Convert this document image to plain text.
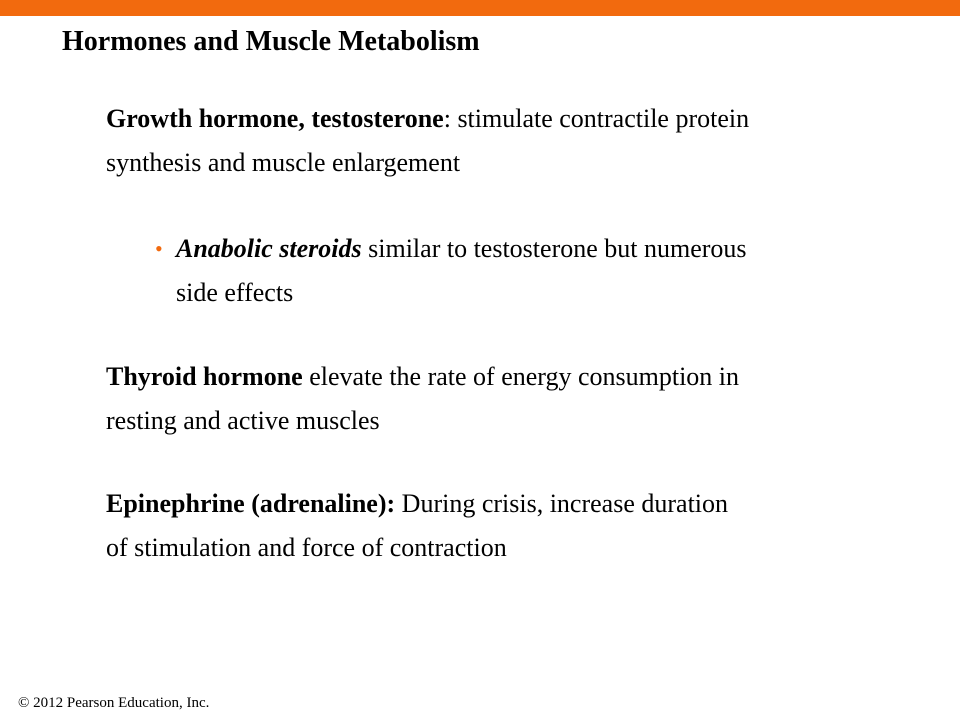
Hormones and Muscle Metabolism
Growth hormone, testosterone: stimulate contractile protein
synthesis and muscle enlargement
• Anabolic steroids similar to testosterone but numerous
side effects
Thyroid hormone elevate the rate of energy consumption in
resting and active muscles
Epinephrine (adrenaline): During crisis, increase duration
of stimulation and force of contraction
© 2012 Pearson Education, Inc.
